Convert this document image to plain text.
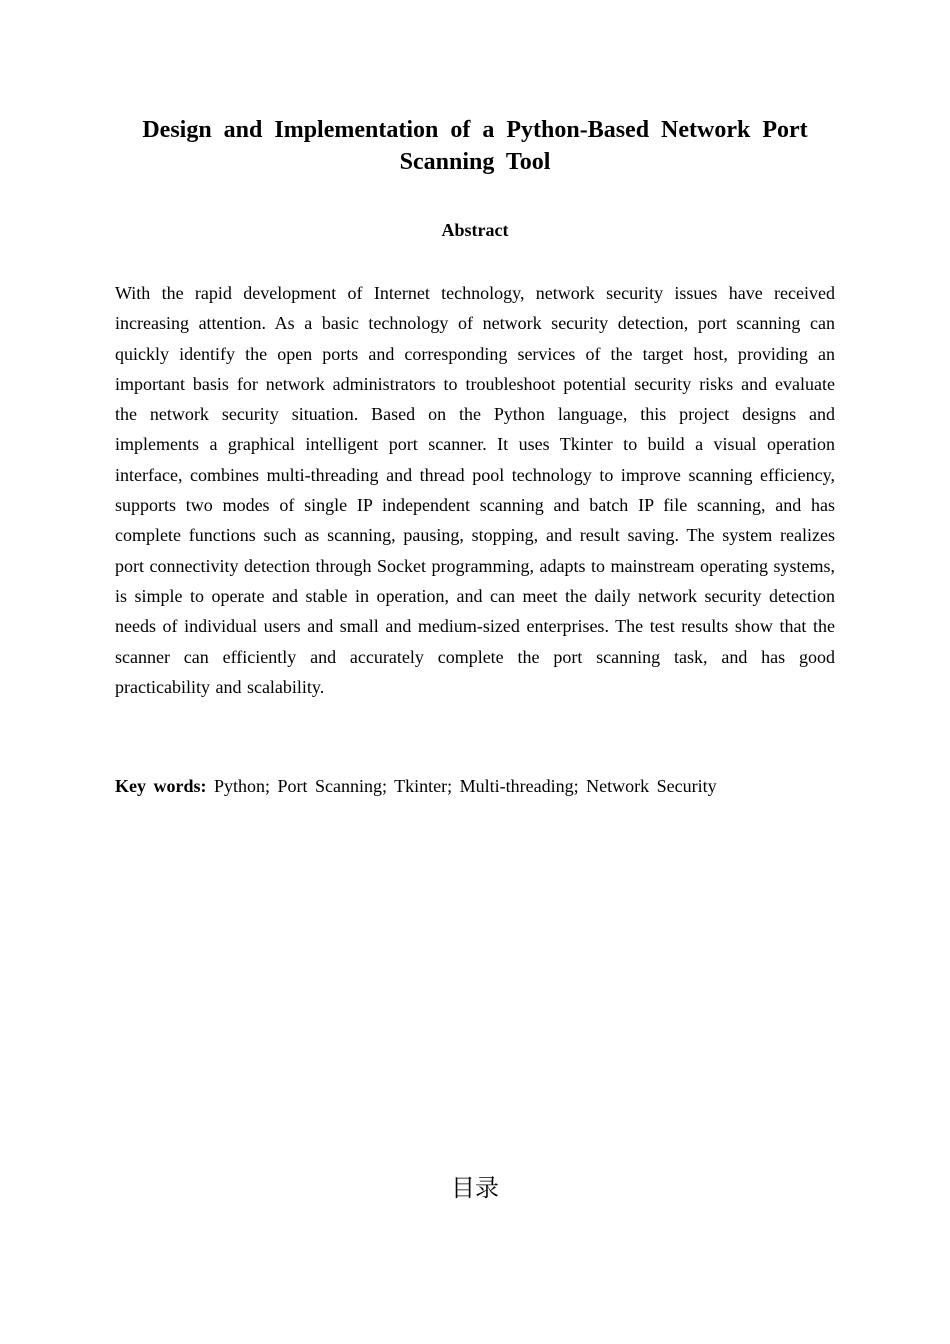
Design and Implementation of a Python-Based Network Port Scanning Tool
Abstract

With the rapid development of Internet technology, network security issues have received increasing attention. As a basic technology of network security detection, port scanning can quickly identify the open ports and corresponding services of the target host, providing an important basis for network administrators to troubleshoot potential security risks and evaluate the network security situation. Based on the Python language, this project designs and implements a graphical intelligent port scanner. It uses Tkinter to build a visual operation interface, combines multi-threading and thread pool technology to improve scanning efficiency, supports two modes of single IP independent scanning and batch IP file scanning, and has complete functions such as scanning, pausing, stopping, and result saving. The system realizes port connectivity detection through Socket programming, adapts to mainstream operating systems, is simple to operate and stable in operation, and can meet the daily network security detection needs of individual users and small and medium-sized enterprises. The test results show that the scanner can efficiently and accurately complete the port scanning task, and has good practicability and scalability.

Key words: Python; Port Scanning; Tkinter; Multi-threading; Network Security

目录
